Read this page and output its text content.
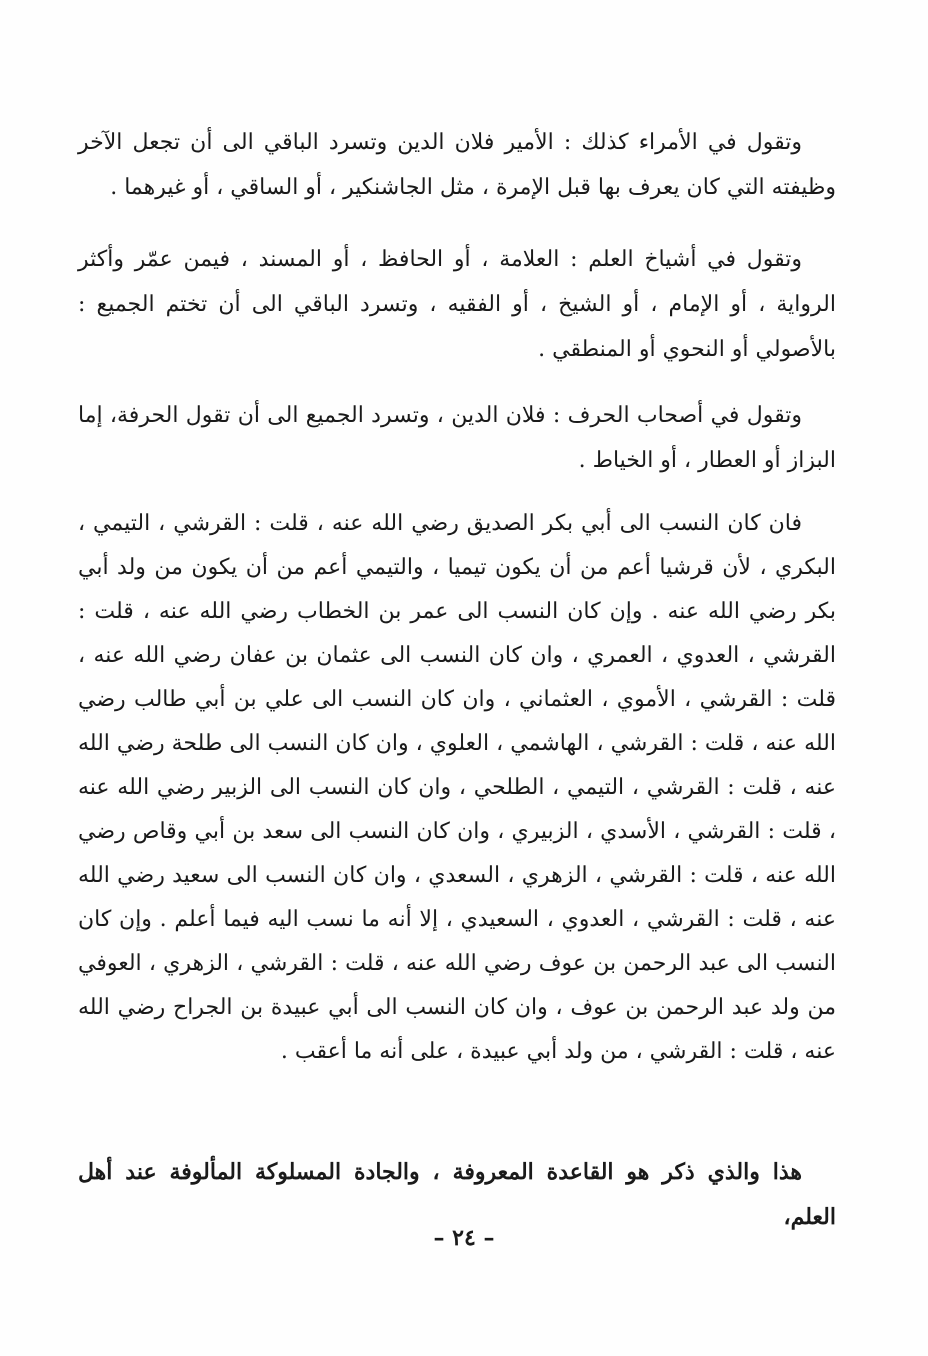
وتقول في الأمراء كذلك : الأمير فلان الدين وتسرد الباقي الى أن تجعل الآخر وظيفته التي كان يعرف بها قبل الإمرة ، مثل الجاشنكير ، أو الساقي ، أو غيرهما .

وتقول في أشياخ العلم : العلامة ، أو الحافظ ، أو المسند ، فيمن عمّر وأكثر الرواية ، أو الإمام ، أو الشيخ ، أو الفقيه ، وتسرد الباقي الى أن تختم الجميع : بالأصولي أو النحوي أو المنطقي .

وتقول في أصحاب الحرف : فلان الدين ، وتسرد الجميع الى أن تقول الحرفة، إما البزاز أو العطار ، أو الخياط .

فان كان النسب الى أبي بكر الصديق رضي الله عنه ، قلت : القرشي ، التيمي ، البكري ، لأن قرشيا أعم من أن يكون تيميا ، والتيمي أعم من أن يكون من ولد أبي بكر رضي الله عنه . وإن كان النسب الى عمر بن الخطاب رضي الله عنه ، قلت : القرشي ، العدوي ، العمري ، وان كان النسب الى عثمان بن عفان رضي الله عنه ، قلت : القرشي ، الأموي ، العثماني ، وان كان النسب الى علي بن أبي طالب رضي الله عنه ، قلت : القرشي ، الهاشمي ، العلوي ، وان كان النسب الى طلحة رضي الله عنه ، قلت : القرشي ، التيمي ، الطلحي ، وان كان النسب الى الزبير رضي الله عنه ، قلت : القرشي ، الأسدي ، الزبيري ، وان كان النسب الى سعد بن أبي وقاص رضي الله عنه ، قلت : القرشي ، الزهري ، السعدي ، وان كان النسب الى سعيد رضي الله عنه ، قلت : القرشي ، العدوي ، السعيدي ، إلا أنه ما نسب اليه فيما أعلم . وإن كان النسب الى عبد الرحمن بن عوف رضي الله عنه ، قلت : القرشي ، الزهري ، العوفي من ولد عبد الرحمن بن عوف ، وان كان النسب الى أبي عبيدة بن الجراح رضي الله عنه ، قلت : القرشي ، من ولد أبي عبيدة ، على أنه ما أعقب .

هذا والذي ذكر هو القاعدة المعروفة ، والجادة المسلوكة المألوفة عند أهل العلم،

– ٢٤ –
